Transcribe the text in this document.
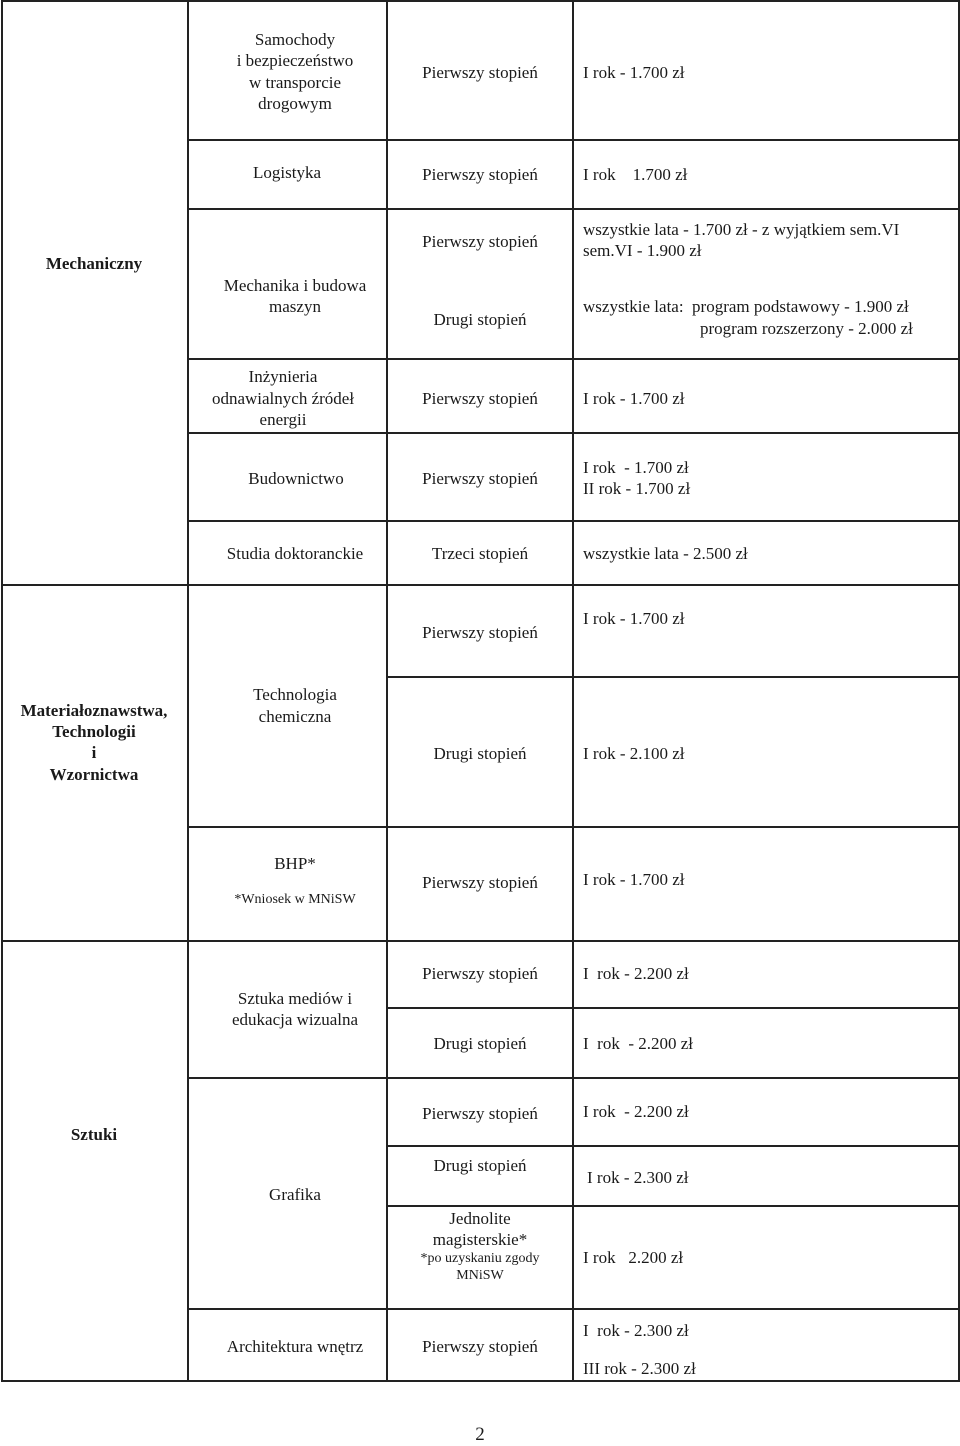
Mechaniczny
Materiałoznawstwa,
Technologii
i
Wzornictwa
Sztuki
Samochody
i bezpieczeństwo
w transporcie
drogowym
Logistyka
Mechanika i budowa
maszyn
Inżynieria
odnawialnych źródeł
energii
Budownictwo
Studia doktoranckie
Technologia
chemiczna
BHP*
*Wniosek w MNiSW
Sztuka mediów i
edukacja wizualna
Grafika
Architektura wnętrz
Pierwszy stopień
Pierwszy stopień
Pierwszy stopień
Drugi stopień
Pierwszy stopień
Pierwszy stopień
Trzeci stopień
Pierwszy stopień
Drugi stopień
Pierwszy stopień
Pierwszy stopień
Drugi stopień
Pierwszy stopień
Drugi stopień
Jednolite
magisterskie*
*po uzyskaniu zgody
MNiSW
Pierwszy stopień
I rok - 1.700 zł
I rok    1.700 zł
wszystkie lata - 1.700 zł - z wyjątkiem sem.VI
sem.VI - 1.900 zł
wszystkie lata:  program podstawowy - 1.900 zł
program rozszerzony - 2.000 zł
I rok - 1.700 zł
I rok  - 1.700 zł
II rok - 1.700 zł
wszystkie lata - 2.500 zł
I rok - 1.700 zł
I rok - 2.100 zł
I rok - 1.700 zł
I  rok - 2.200 zł
I  rok  - 2.200 zł
I rok  - 2.200 zł
I rok - 2.300 zł
I rok   2.200 zł
I  rok - 2.300 zł
III rok - 2.300 zł
2
